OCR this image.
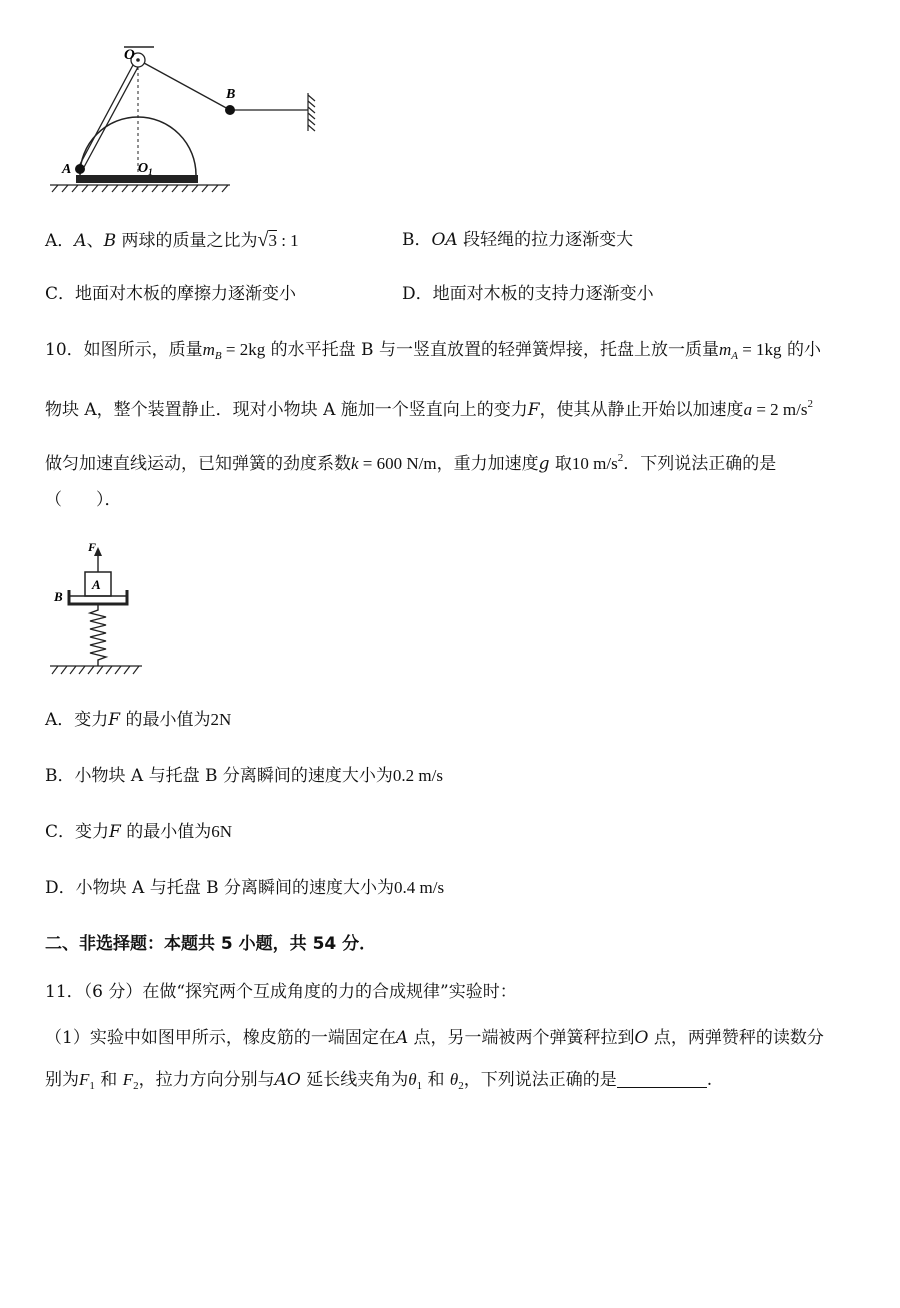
O
B
A	$O_1$
A．A、B 两球的质量之比为√3 : 1	B．OA 段轻绳的拉力逐渐变大
C．地面对木板的摩擦力逐渐变小	D．地面对木板的支持力逐渐变小
10．如图所示，质量$m_B = 2kg$ 的水平托盘 B 与一竖直放置的轻弹簧焊接，托盘上放一质量$m_A = 1kg$ 的小
物块 A，整个装置静止．现对小物块 A 施加一个竖直向上的变力F，使其从静止开始以加速度a = 2 $m/s^2$
做匀加速直线运动，已知弹簧的劲度系数k = 600 N/m，重力加速度g 取10 $m/s^2$．下列说法正确的是
（　　）．
F
A
B
A．变力F 的最小值为2N
B．小物块 A 与托盘 B 分离瞬间的速度大小为0.2 m/s
C．变力F 的最小值为6N
D．小物块 A 与托盘 B 分离瞬间的速度大小为0.4 m/s
二、非选择题：本题共 5 小题，共 54 分．
11．（6 分）在做“探究两个互成角度的力的合成规律”实验时：
（1）实验中如图甲所示，橡皮筋的一端固定在A 点，另一端被两个弹簧秤拉到O 点，两弹赞秤的读数分
别为$F_1$ 和 $F_2$，拉力方向分别与AO 延长线夹角为$\theta_1$ 和 $\theta_2$，下列说法正确的是	.
